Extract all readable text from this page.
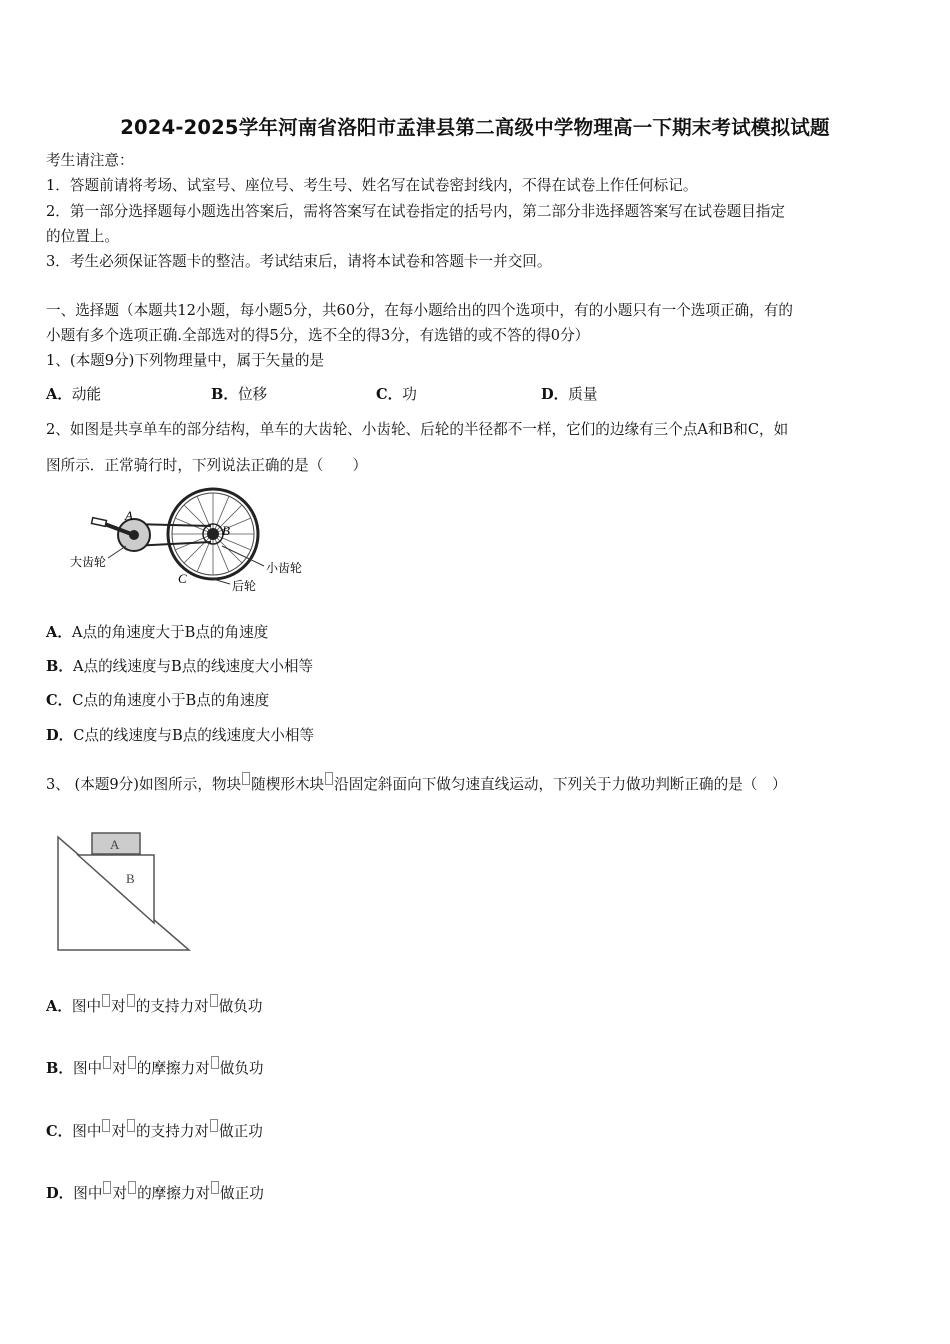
2024-2025学年河南省洛阳市孟津县第二高级中学物理高一下期末考试模拟试题
考生请注意：
1．答题前请将考场、试室号、座位号、考生号、姓名写在试卷密封线内，不得在试卷上作任何标记。
2．第一部分选择题每小题选出答案后，需将答案写在试卷指定的括号内，第二部分非选择题答案写在试卷题目指定
的位置上。
3．考生必须保证答题卡的整洁。考试结束后，请将本试卷和答题卡一并交回。
一、选择题（本题共12小题，每小题5分，共60分，在每小题给出的四个选项中，有的小题只有一个选项正确，有的
小题有多个选项正确.全部选对的得5分，选不全的得3分，有选错的或不答的得0分）
1、(本题9分)下列物理量中，属于矢量的是
A．动能	B．位移	C．功	D．质量
2、如图是共享单车的部分结构，单车的大齿轮、小齿轮、后轮的半径都不一样，它们的边缘有三个点A和B和C，如
图所示．正常骑行时，下列说法正确的是（　　）
A
B
C
大齿轮	小齿轮
后轮
A．A点的角速度大于B点的角速度
B．A点的线速度与B点的线速度大小相等
C．C点的角速度小于B点的角速度
D．C点的线速度与B点的线速度大小相等
3、 (本题9分)如图所示，物块 随楔形木块 沿固定斜面向下做匀速直线运动，下列关于力做功判断正确的是（　）
A
B
A．图中 对 的支持力对 做负功
B．图中 对 的摩擦力对 做负功
C．图中 对 的支持力对 做正功
D．图中 对 的摩擦力对 做正功
